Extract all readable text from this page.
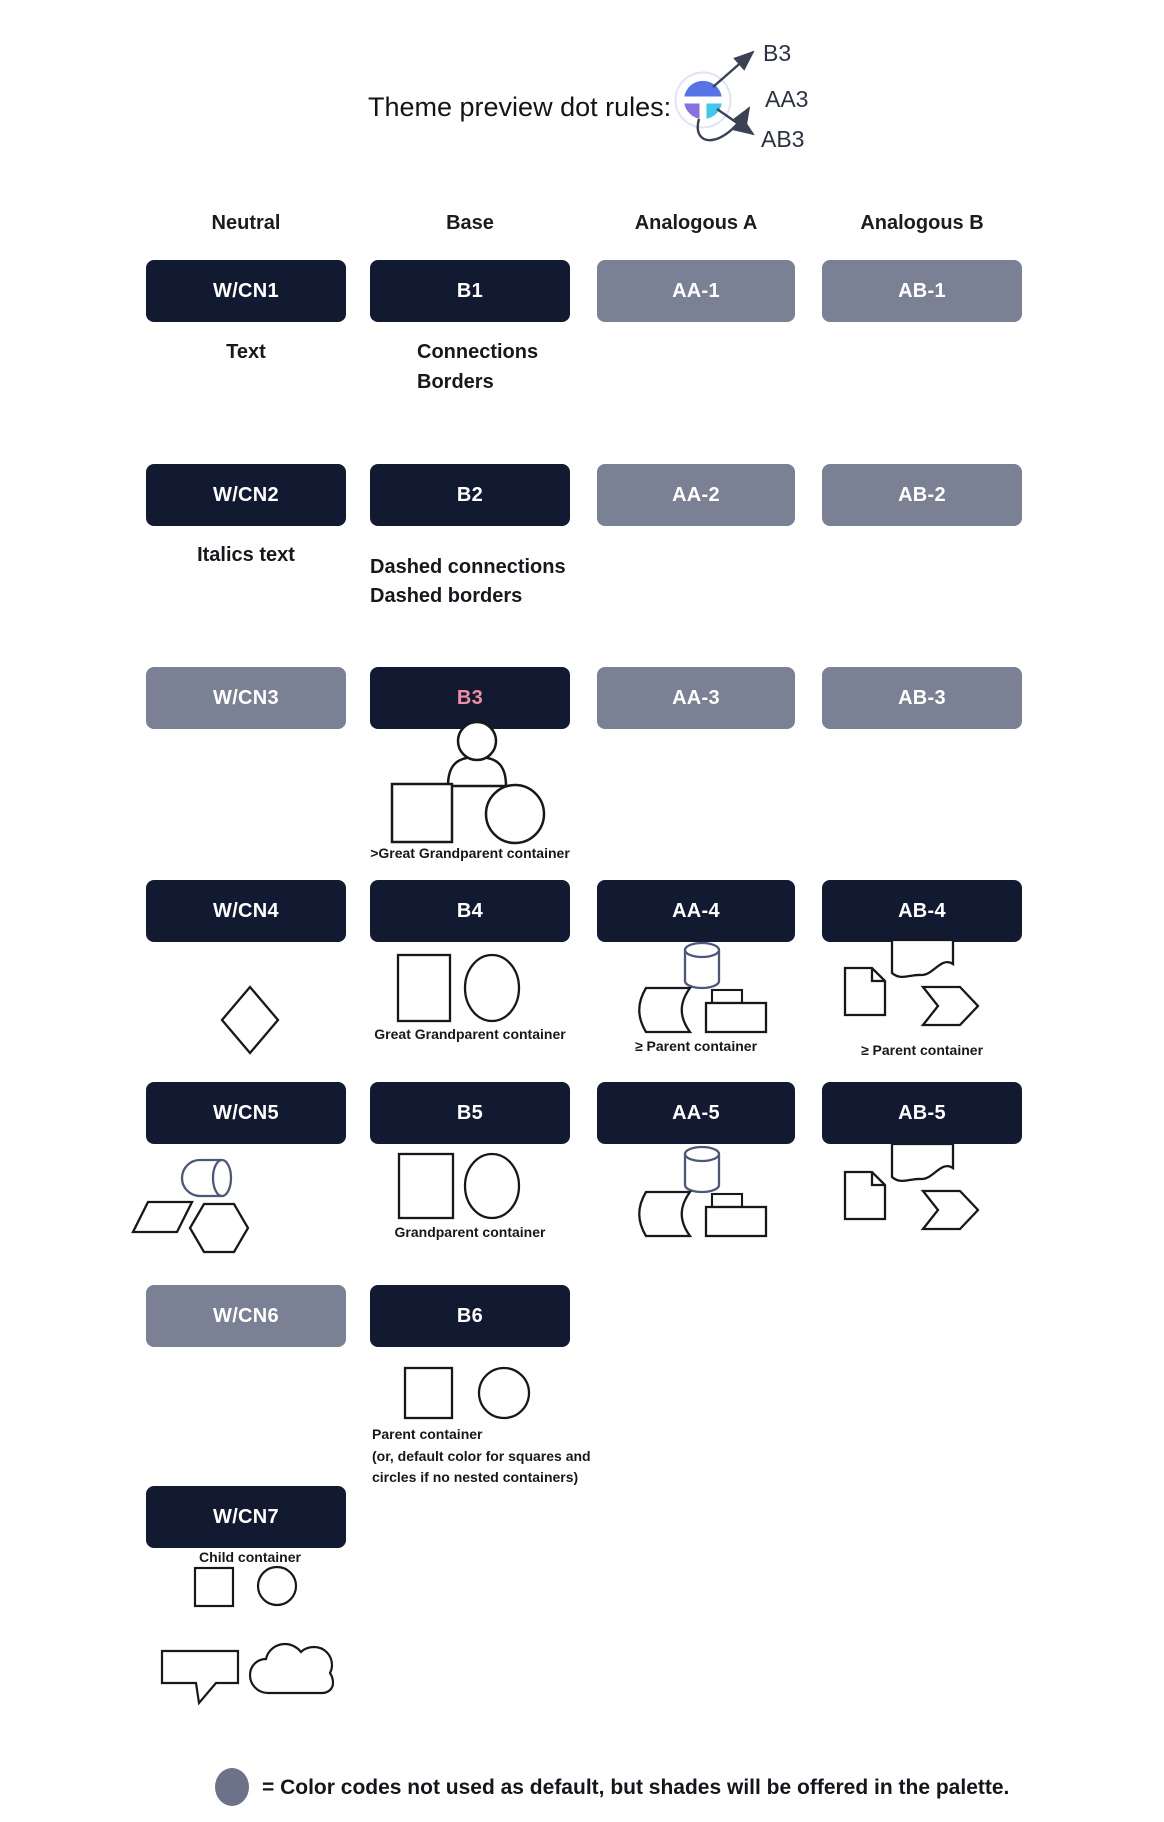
Theme preview dot rules:
B3
AA3
AB3
Neutral	Base	Analogous A	Analogous B
W/CN1	B1	AA-1	AB-1
W/CN2	B2	AA-2	AB-2
W/CN3	B3	AA-3	AB-3
W/CN4	B4	AA-4	AB-4
W/CN5	B5	AA-5	AB-5
W/CN6	B6
W/CN7
Text	Connections
Borders
Italics text
Dashed connections
Dashed borders
>Great Grandparent container
Great Grandparent container
≥ Parent container	≥ Parent container
Grandparent container
Parent container
(or, default color for squares and
circles if no nested containers)
Child container
= Color codes not used as default, but shades will be offered in the palette.
